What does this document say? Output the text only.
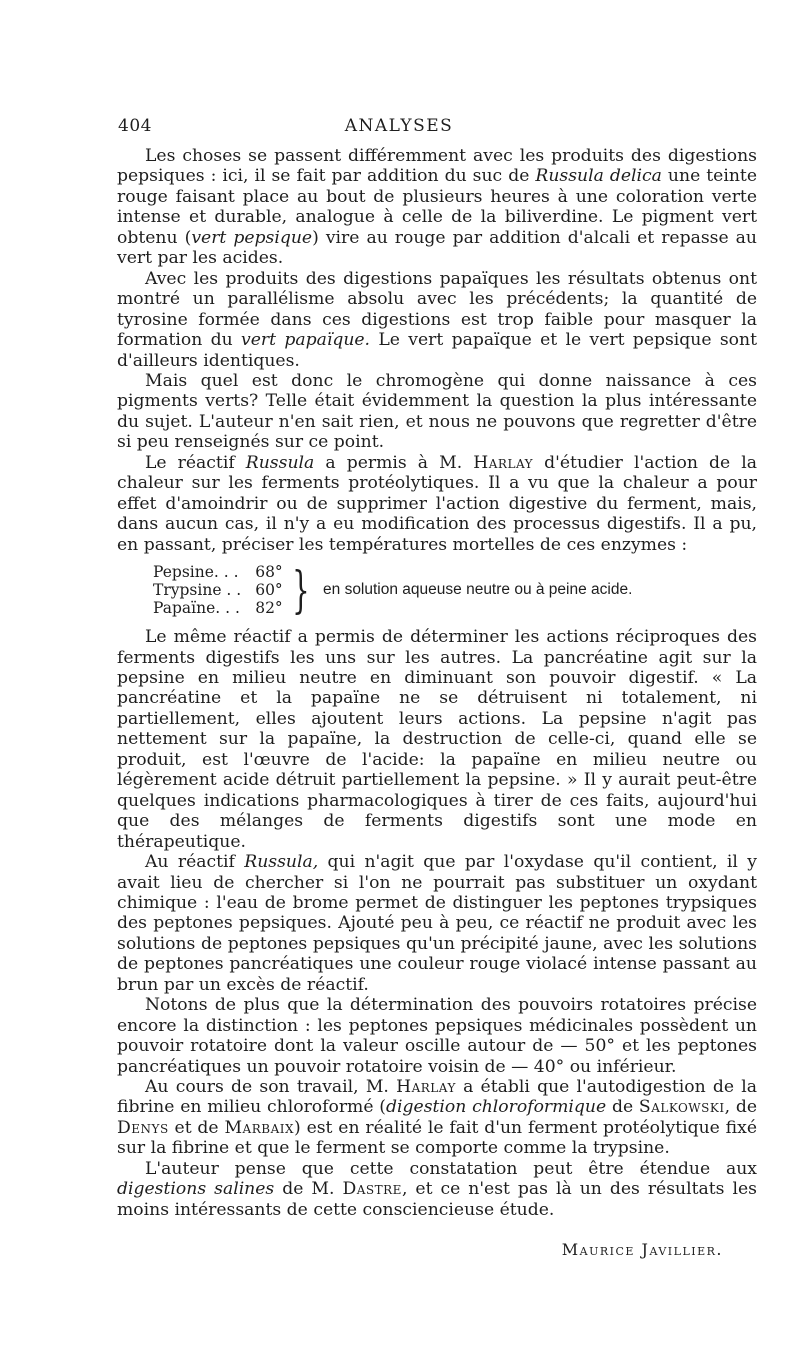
404	ANALYSES

Les choses se passent différemment avec les produits des digestions pepsiques : ici, il se fait par addition du suc de Russula delica une teinte rouge faisant place au bout de plusieurs heures à une coloration verte intense et durable, analogue à celle de la biliverdine. Le pigment vert obtenu (vert pepsique) vire au rouge par addition d'alcali et repasse au vert par les acides.

Avec les produits des digestions papaïques les résultats obtenus ont montré un parallélisme absolu avec les précédents; la quantité de tyrosine formée dans ces digestions est trop faible pour masquer la formation du vert papaïque. Le vert papaïque et le vert pepsique sont d'ailleurs identiques.

Mais quel est donc le chromogène qui donne naissance à ces pigments verts? Telle était évidemment la question la plus intéressante du sujet. L'auteur n'en sait rien, et nous ne pouvons que regretter d'être si peu renseignés sur ce point.

Le réactif Russula a permis à M. Harlay d'étudier l'action de la chaleur sur les ferments protéolytiques. Il a vu que la chaleur a pour effet d'amoindrir ou de supprimer l'action digestive du ferment, mais, dans aucun cas, il n'y a eu modification des processus digestifs. Il a pu, en passant, préciser les températures mortelles de ces enzymes :

Pepsine. . .
Trypsine . .
Papaïne. . .
68°
60°
82° } en solution aqueuse neutre ou à peine acide.

Le même réactif a permis de déterminer les actions réciproques des ferments digestifs les uns sur les autres. La pancréatine agit sur la pepsine en milieu neutre en diminuant son pouvoir digestif. « La pancréatine et la papaïne ne se détruisent ni totalement, ni partiellement, elles ajoutent leurs actions. La pepsine n'agit pas nettement sur la papaïne, la destruction de celle-ci, quand elle se produit, est l'œuvre de l'acide: la papaïne en milieu neutre ou légèrement acide détruit partiellement la pepsine. » Il y aurait peut-être quelques indications pharmacologiques à tirer de ces faits, aujourd'hui que des mélanges de ferments digestifs sont une mode en thérapeutique.

Au réactif Russula, qui n'agit que par l'oxydase qu'il contient, il y avait lieu de chercher si l'on ne pourrait pas substituer un oxydant chimique : l'eau de brome permet de distinguer les peptones trypsiques des peptones pepsiques. Ajouté peu à peu, ce réactif ne produit avec les solutions de peptones pepsiques qu'un précipité jaune, avec les solutions de peptones pancréatiques une couleur rouge violacé intense passant au brun par un excès de réactif.

Notons de plus que la détermination des pouvoirs rotatoires précise encore la distinction : les peptones pepsiques médicinales possèdent un pouvoir rotatoire dont la valeur oscille autour de — 50° et les peptones pancréatiques un pouvoir rotatoire voisin de — 40° ou inférieur.

Au cours de son travail, M. Harlay a établi que l'autodigestion de la fibrine en milieu chloroformé (digestion chloroformique de Salkowski, de Denys et de Marbaix) est en réalité le fait d'un ferment protéolytique fixé sur la fibrine et que le ferment se comporte comme la trypsine.

L'auteur pense que cette constatation peut être étendue aux digestions salines de M. Dastre, et ce n'est pas là un des résultats les moins intéressants de cette consciencieuse étude.

Maurice Javillier.
